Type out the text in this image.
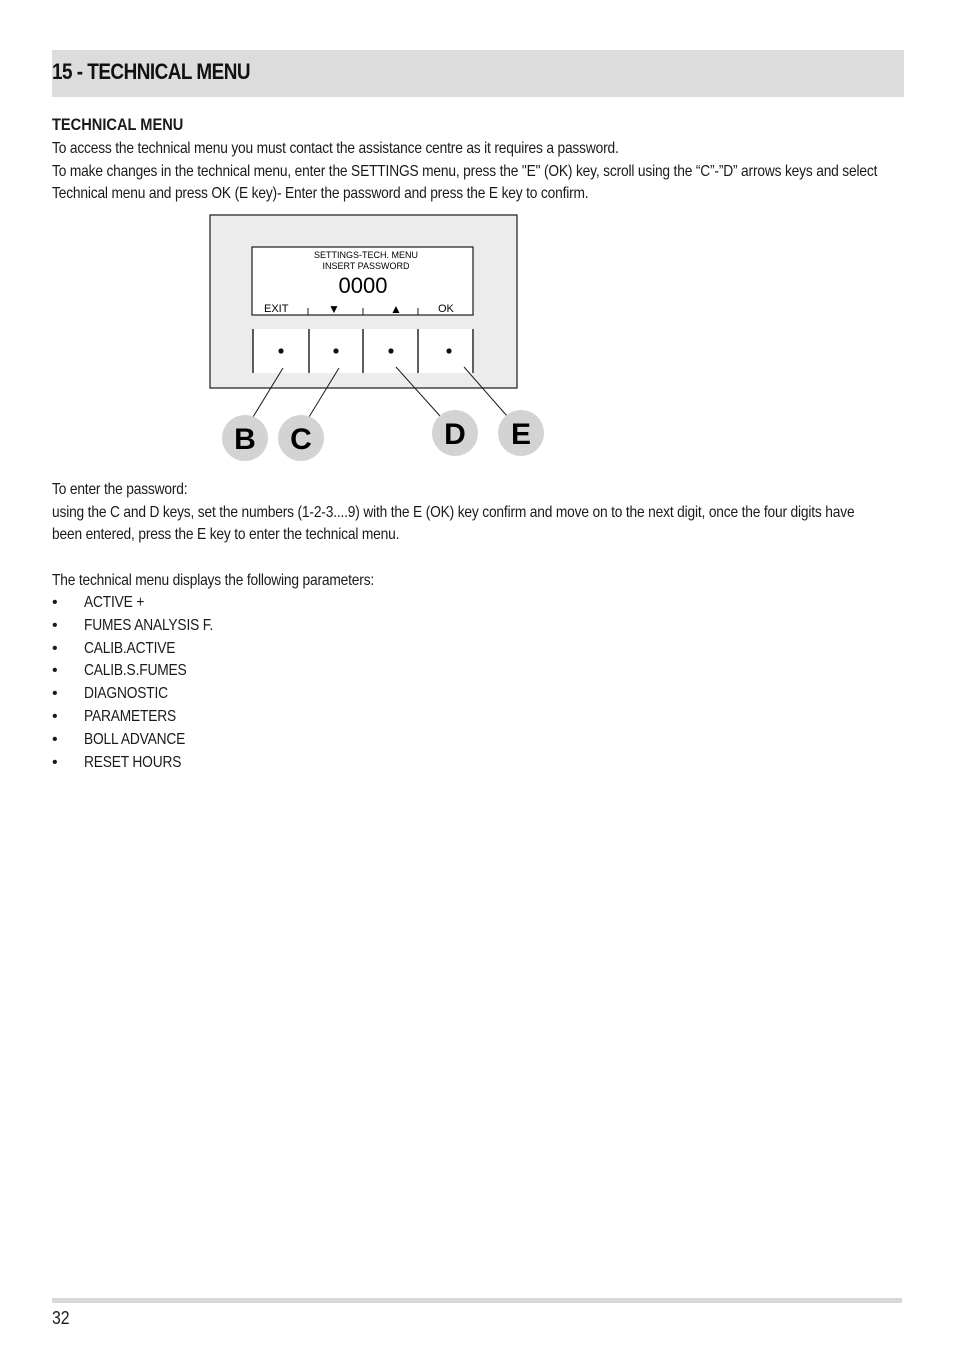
15 - TECHNICAL MENU
TECHNICAL MENU
To access the technical menu you must contact the assistance centre as it requires a password.
To make changes in the technical menu, enter the SETTINGS menu, press the "E" (OK) key, scroll using the “C”-”D” arrows keys and select
Technical menu and press OK (E key)- Enter the password and press the E key to confirm.
SETTINGS-TECH. MENU
INSERT PASSWORD
0000
EXIT	▼	▲	OK
B C	D E
To enter the password:
using the C and D keys, set the numbers (1-2-3....9) with the E (OK) key confirm and move on to the next digit, once the four digits have
been entered, press the E key to enter the technical menu.
The technical menu displays the following parameters:
• ACTIVE +
• FUMES ANALYSIS F.
• CALIB.ACTIVE
• CALIB.S.FUMES
• DIAGNOSTIC
• PARAMETERS
• BOLL ADVANCE
• RESET HOURS
32
